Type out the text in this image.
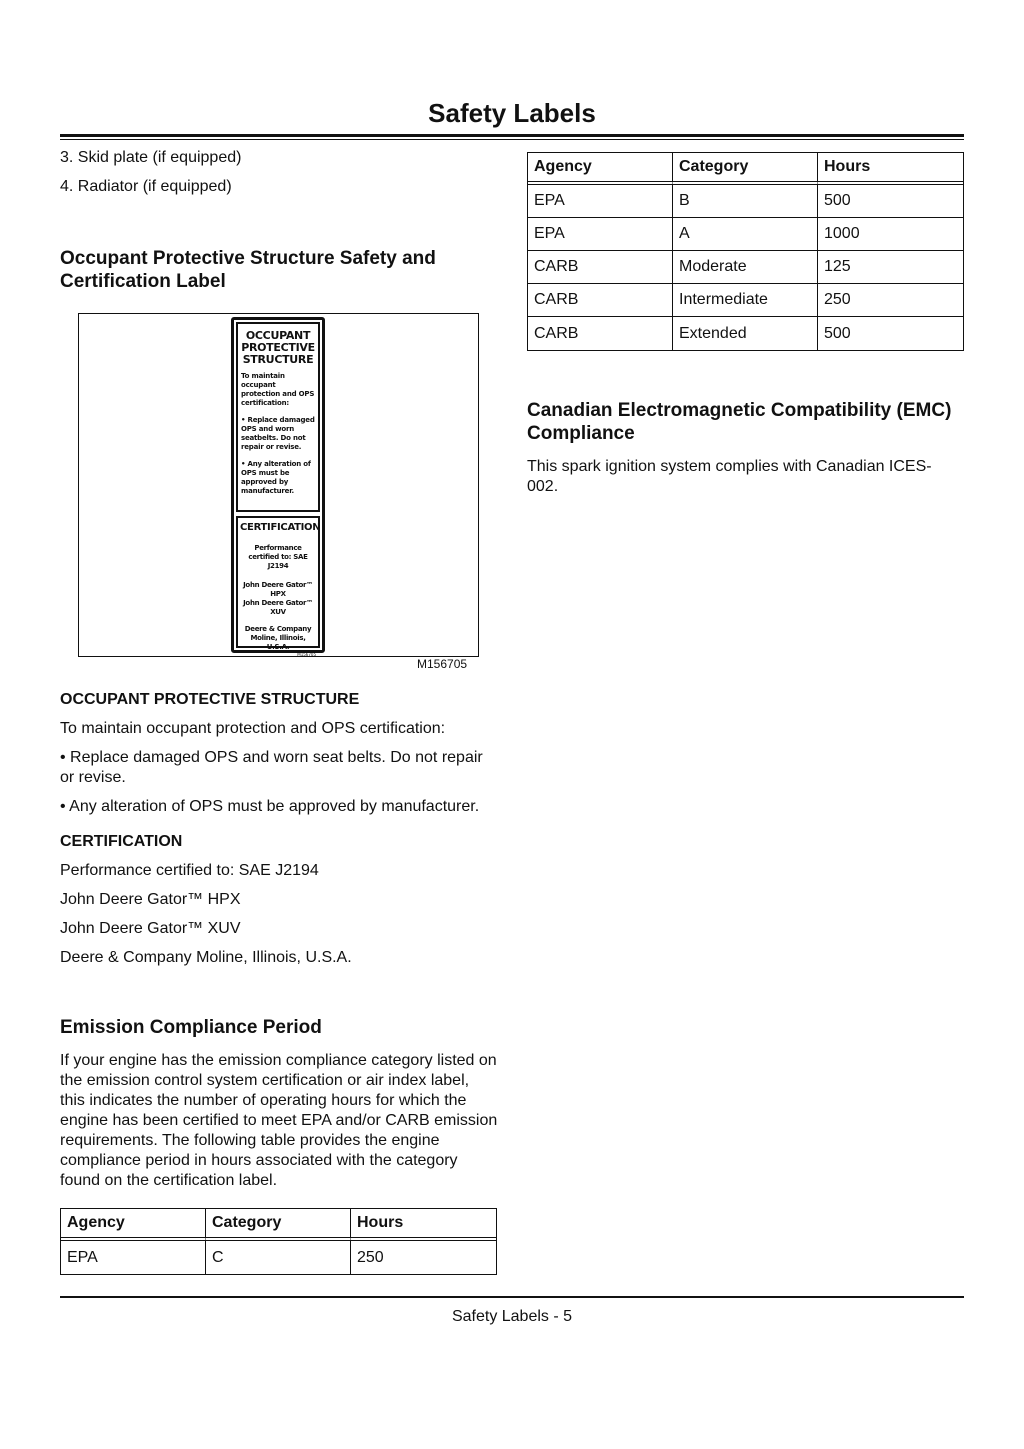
Safety Labels
3. Skid plate (if equipped)
4. Radiator (if equipped)
Occupant Protective Structure Safety and Certification Label
OCCUPANT PROTECTIVE STRUCTURE
To maintain occupant protection and OPS certification:
• Replace damaged OPS and worn seatbelts. Do not repair or revise.
• Any alteration of OPS must be approved by manufacturer.
CERTIFICATION
Performance certified to: SAE J2194
John Deere Gator™ HPX
John Deere Gator™ XUV
Deere & Company Moline, Illinois, U.S.A.
M156705
M156705
OCCUPANT PROTECTIVE STRUCTURE

To maintain occupant protection and OPS certification:

• Replace damaged OPS and worn seat belts. Do not repair or revise.

• Any alteration of OPS must be approved by manufacturer.

CERTIFICATION

Performance certified to: SAE J2194

John Deere Gator™ HPX

John Deere Gator™ XUV

Deere & Company Moline, Illinois, U.S.A.

Emission Compliance Period

If your engine has the emission compliance category listed on the emission control system certification or air index label, this indicates the number of operating hours for which the engine has been certified to meet EPA and/or CARB emission requirements. The following table provides the engine compliance period in hours associated with the category found on the certification label.

Agency	Category	Hours
EPA	C	250
Agency	Category	Hours
EPA	B	500
EPA	A	1000
CARB	Moderate	125
CARB	Intermediate	250
CARB	Extended	500
Canadian Electromagnetic Compatibility (EMC) Compliance

This spark ignition system complies with Canadian ICES-002.

Safety Labels - 5
